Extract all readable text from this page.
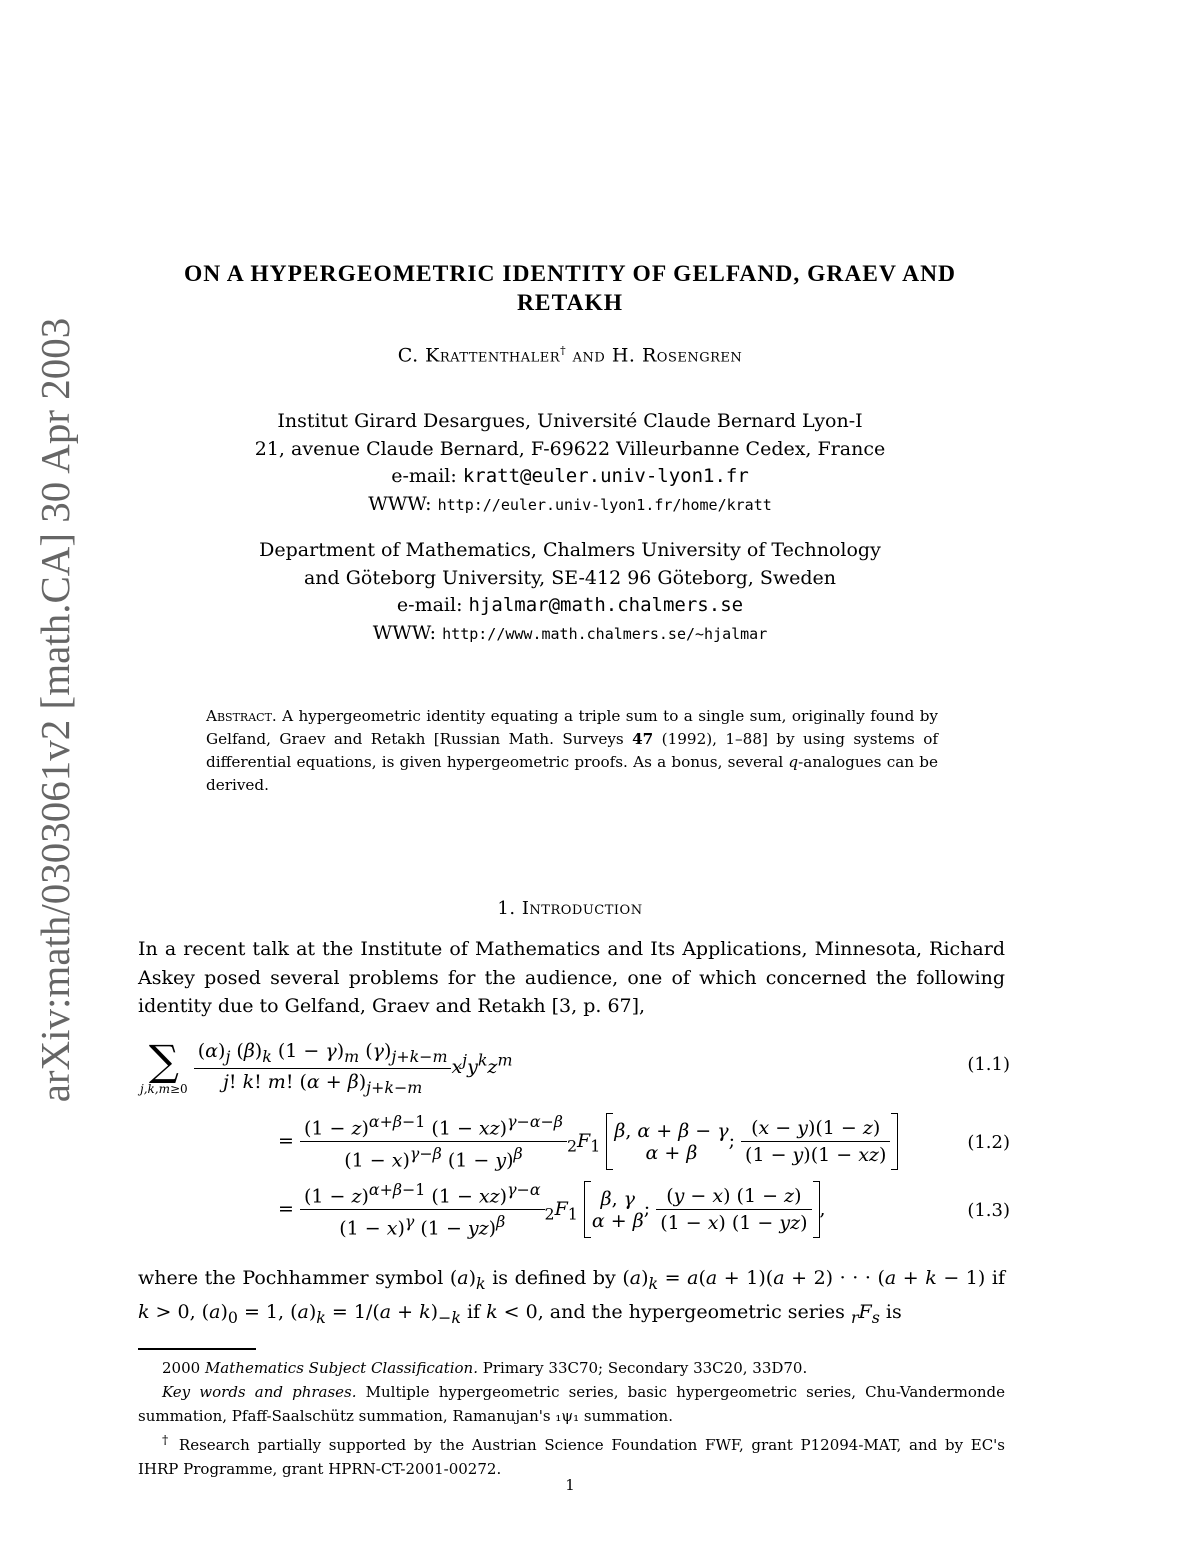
arXiv:math/0303061v2 [math.CA] 30 Apr 2003
ON A HYPERGEOMETRIC IDENTITY OF GELFAND, GRAEV AND
RETAKH
C. Krattenthaler† and H. Rosengren
Institut Girard Desargues, Université Claude Bernard Lyon-I
21, avenue Claude Bernard, F-69622 Villeurbanne Cedex, France
e-mail: kratt@euler.univ-lyon1.fr
WWW: http://euler.univ-lyon1.fr/home/kratt
Department of Mathematics, Chalmers University of Technology
and Göteborg University, SE-412 96 Göteborg, Sweden
e-mail: hjalmar@math.chalmers.se
WWW: http://www.math.chalmers.se/~hjalmar
Abstract. A hypergeometric identity equating a triple sum to a single sum, originally found by Gelfand, Graev and Retakh [Russian Math. Surveys 47 (1992), 1–88] by using systems of differential equations, is given hypergeometric proofs. As a bonus, several q-analogues can be derived.
1. Introduction
In a recent talk at the Institute of Mathematics and Its Applications, Minnesota, Richard Askey posed several problems for the audience, one of which concerned the following identity due to Gelfand, Graev and Retakh [3, p. 67],
∑
j,k,m≥0
$\frac{(\alpha)_j (\beta)_k (1 - \gamma)_m (\gamma)_{j+k-m}}{j! k! m! (\alpha + \beta)_{j+k-m}} x^jy^kz^m$	(1.1)
= $\frac{(1 - z)^{\alpha+\beta-1} (1 - xz)^{\gamma-\alpha-\beta}}{(1 - x)^{\gamma-\beta} (1 - y)^\beta} _2F_1$
β, α + β − γ
α + β
; $\frac{(x - y)(1 - z)}{(1 - y)(1 - xz)}$	(1.2)
= $\frac{(1 - z)^{\alpha+\beta-1} (1 - xz)^{\gamma-\alpha}}{(1 - x)^\gamma (1 - yz)^\beta} _2F_1$
β, γ
α + β
; $\frac{(y - x) (1 - z)}{(1 - x) (1 - yz)}$ ,	(1.3)
where the Pochhammer symbol $(a)_k$ is defined by $(a)_k = a(a + 1)(a + 2)$ · · · (a + k − 1) if k > 0, $(a)_0 = 1$, $(a)_k = 1/(a + k)_{-k}$ if k < 0, and the hypergeometric series $_rF_s$ is
2000 Mathematics Subject Classification. Primary 33C70; Secondary 33C20, 33D70.
Key words and phrases. Multiple hypergeometric series, basic hypergeometric series, Chu-Vandermonde summation, Pfaff-Saalschütz summation, Ramanujan's ₁ψ₁ summation.
† Research partially supported by the Austrian Science Foundation FWF, grant P12094-MAT, and by EC's IHRP Programme, grant HPRN-CT-2001-00272.
1
